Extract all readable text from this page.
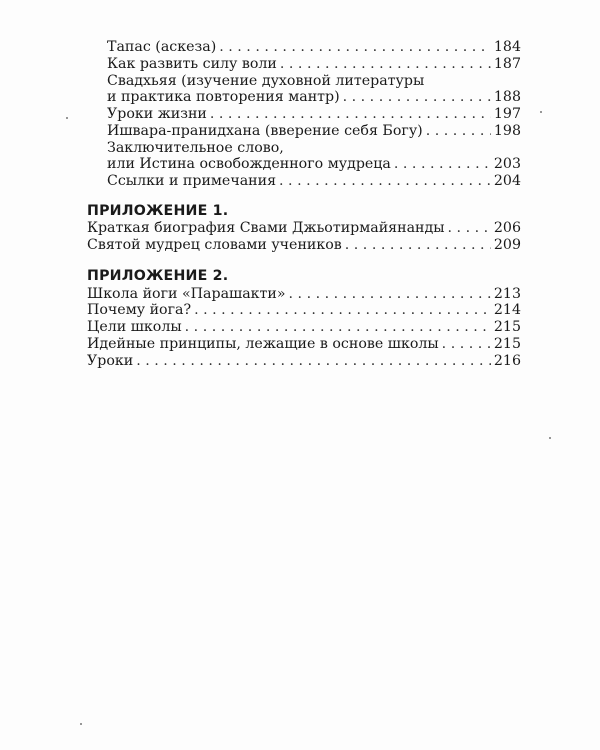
Тапас (аскеза) . . .	184
Как развить силу воли . . .	187
Свадхьяя (изучение духовной литературы
и практика повторения мантр) . . .	188
Уроки жизни . . .	197
Ишвара-пранидхана (вверение себя Богу) . . .	198
Заключительное слово,
или Истина освобожденного мудреца . . .	203
Ссылки и примечания . . .	204
ПРИЛОЖЕНИЕ 1.
Краткая биография Свами Джьотирмайянанды . . .	206
Святой мудрец словами учеников . . .	209
ПРИЛОЖЕНИЕ 2.
Школа йоги «Парашакти» . . .	213
Почему йога? . . .	214
Цели школы . . .	215
Идейные принципы, лежащие в основе школы . . .	215
Уроки . . .	216
